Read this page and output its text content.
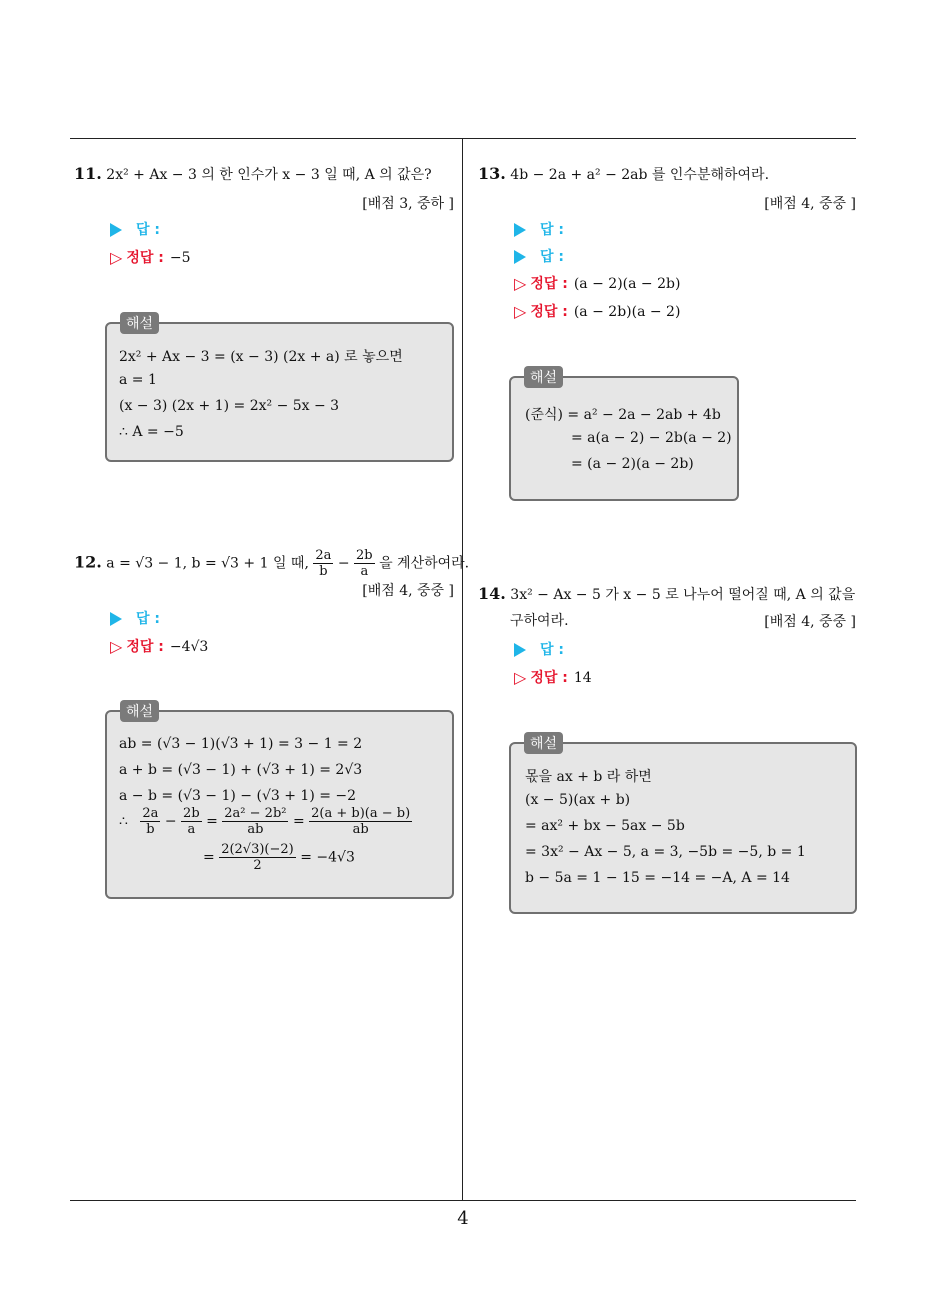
11. 2x² + Ax − 3 의 한 인수가 x − 3 일 때, A 의 값은?
[배점 3, 중하 ]
답 :
▷ 정답 : −5
2x² + Ax − 3 = (x − 3) (2x + a) 로 놓으면
a = 1
(x − 3) (2x + 1) = 2x² − 5x − 3
∴ A = −5
해설
12. a = √3 − 1, b = √3 + 1 일 때, $\frac{2a}{b} - \frac{2b}{a}$ 을 계산하여라.
[배점 4, 중중 ]
답 :
▷ 정답 : −4√3
ab = (√3 − 1)(√3 + 1) = 3 − 1 = 2
a + b = (√3 − 1) + (√3 + 1) = 2√3
a − b = (√3 − 1) − (√3 + 1) = −2
∴ $\frac{2a}{b} - \frac{2b}{a} = \frac{\text{2a² − 2b²}}{ab} = \frac{2(a + b)(a - b)}{ab}$
= $\frac{2(2√3)(-2)}{2} = -4√3$
해설
13. 4b − 2a + a² − 2ab 를 인수분해하여라.
[배점 4, 중중 ]
답 :
답 :
▷ 정답 : (a − 2)(a − 2b)
▷ 정답 : (a − 2b)(a − 2)
(준식) = a² − 2a − 2ab + 4b
= a(a − 2) − 2b(a − 2)
= (a − 2)(a − 2b)
해설
14. 3x² − Ax − 5 가 x − 5 로 나누어 떨어질 때, A 의 값을
구하여라.	[배점 4, 중중 ]
답 :
▷ 정답 : 14
몫을 ax + b 라 하면
(x − 5)(ax + b)
= ax² + bx − 5ax − 5b
= 3x² − Ax − 5, a = 3, −5b = −5, b = 1
b − 5a = 1 − 15 = −14 = −A, A = 14
해설
4
